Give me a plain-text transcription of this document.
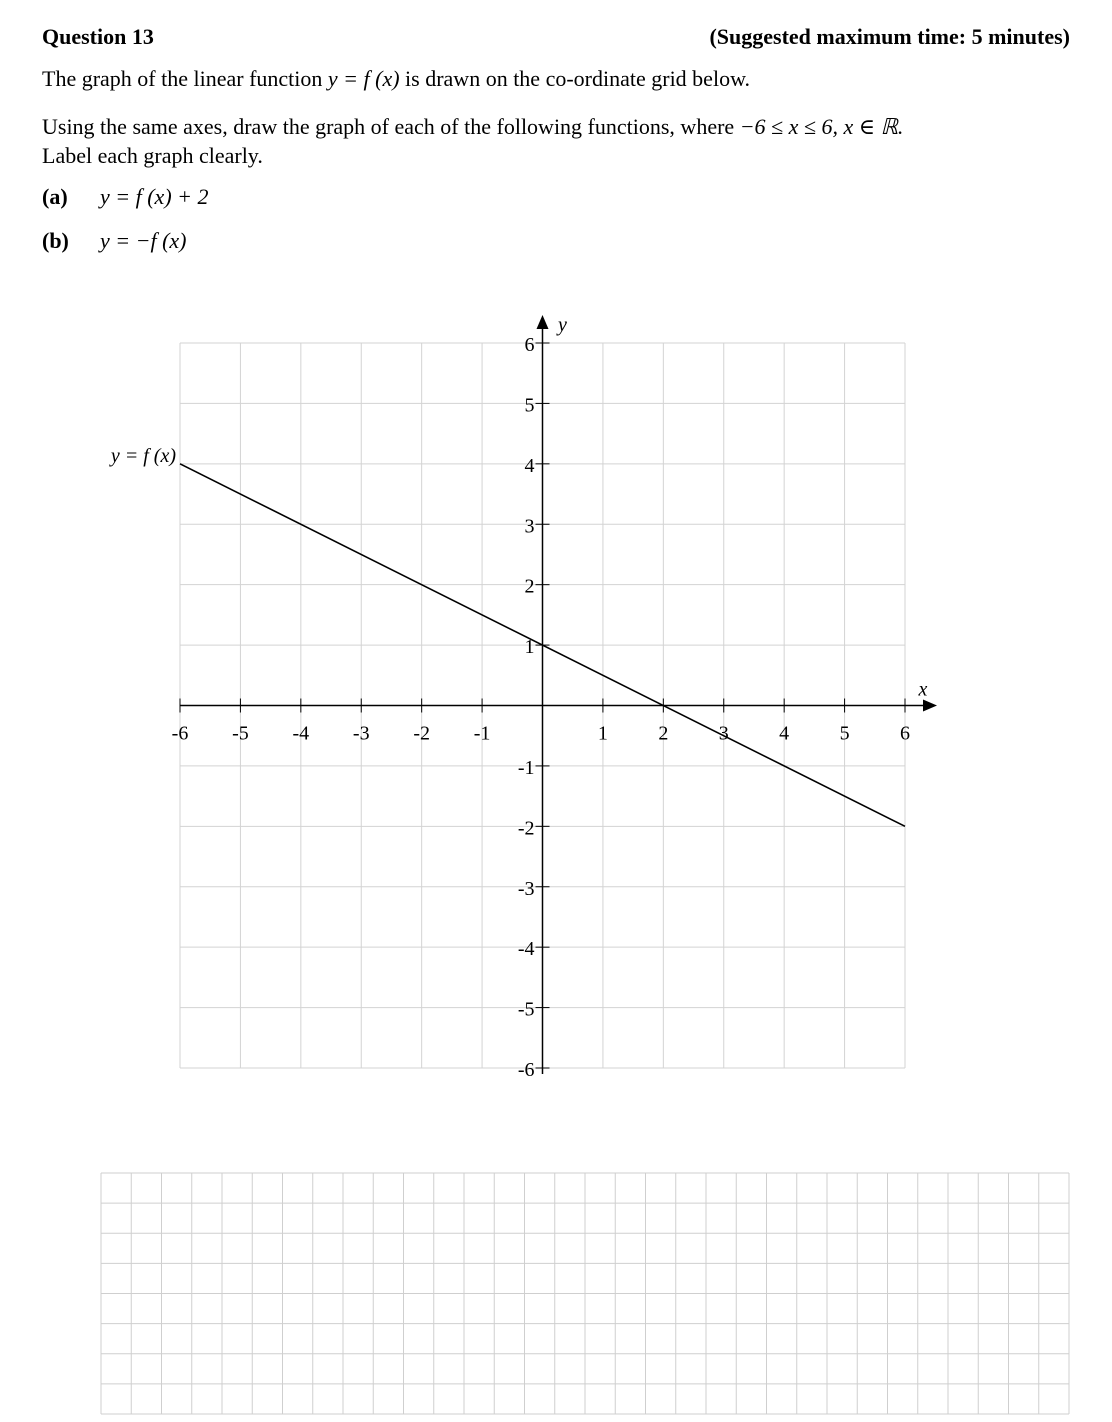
Question 13	(Suggested maximum time: 5 minutes)
The graph of the linear function y = f (x) is drawn on the co-ordinate grid below.
Using the same axes, draw the graph of each of the following functions, where −6 ≤ x ≤ 6, x ∈ ℝ.
Label each graph clearly.
(a) y = f (x) + 2
(b) y = −f (x)
x
y
-6 -5 -4 -3 -2 -1	1	2	3	4	5	6
6
5
4
3
2
1
-1
-2
-3
-4
-5
-6
y = f (x)
